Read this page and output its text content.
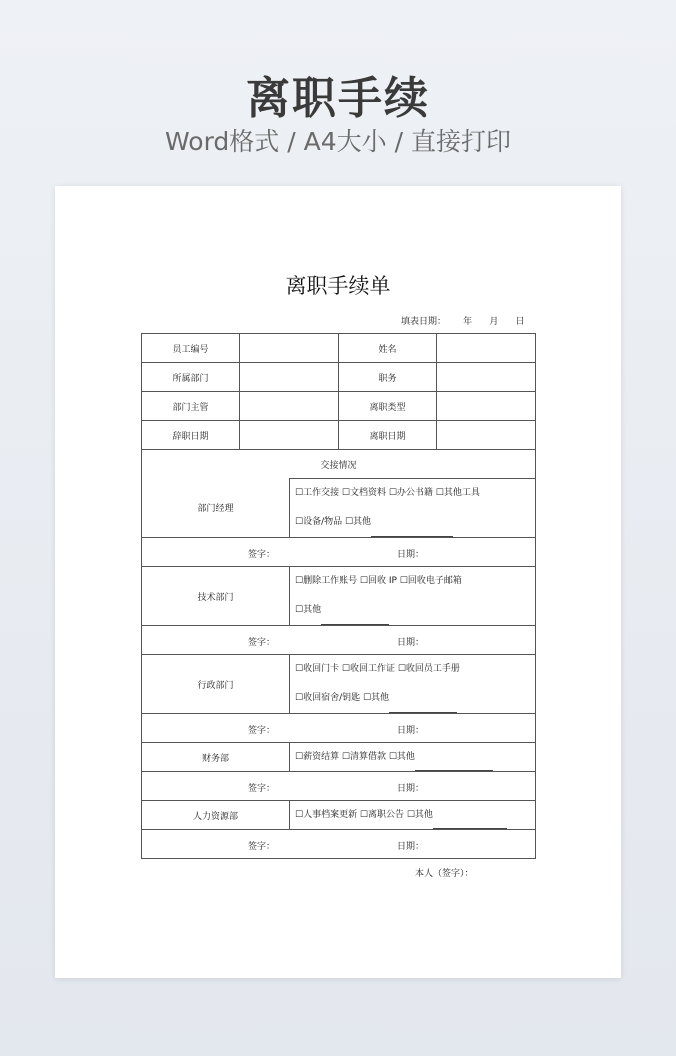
离职手续
Word格式 / A4大小 / 直接打印
离职手续单
填表日期：      年      月      日
员工编号			姓名	
所属部门			职务	
部门主管			离职类型	
辞职日期			离职日期	
交接情况				
部门经理		☐工作交接 ☐文档资料 ☐办公书籍 ☐其他工具
☐设备/物品 ☐其他		

签字： 日期：				

技术部门		☐删除工作账号 ☐回收 IP ☐回收电子邮箱
☐其他		

签字： 日期：				

行政部门		☐收回门卡 ☐收回工作证 ☐收回员工手册
☐收回宿舍/钥匙 ☐其他		

签字： 日期：				

财务部		☐薪资结算 ☐清算借款 ☐其他		

签字： 日期：				

人力资源部		☐人事档案更新 ☐离职公告 ☐其他		

签字： 日期：				
本人（签字）：
